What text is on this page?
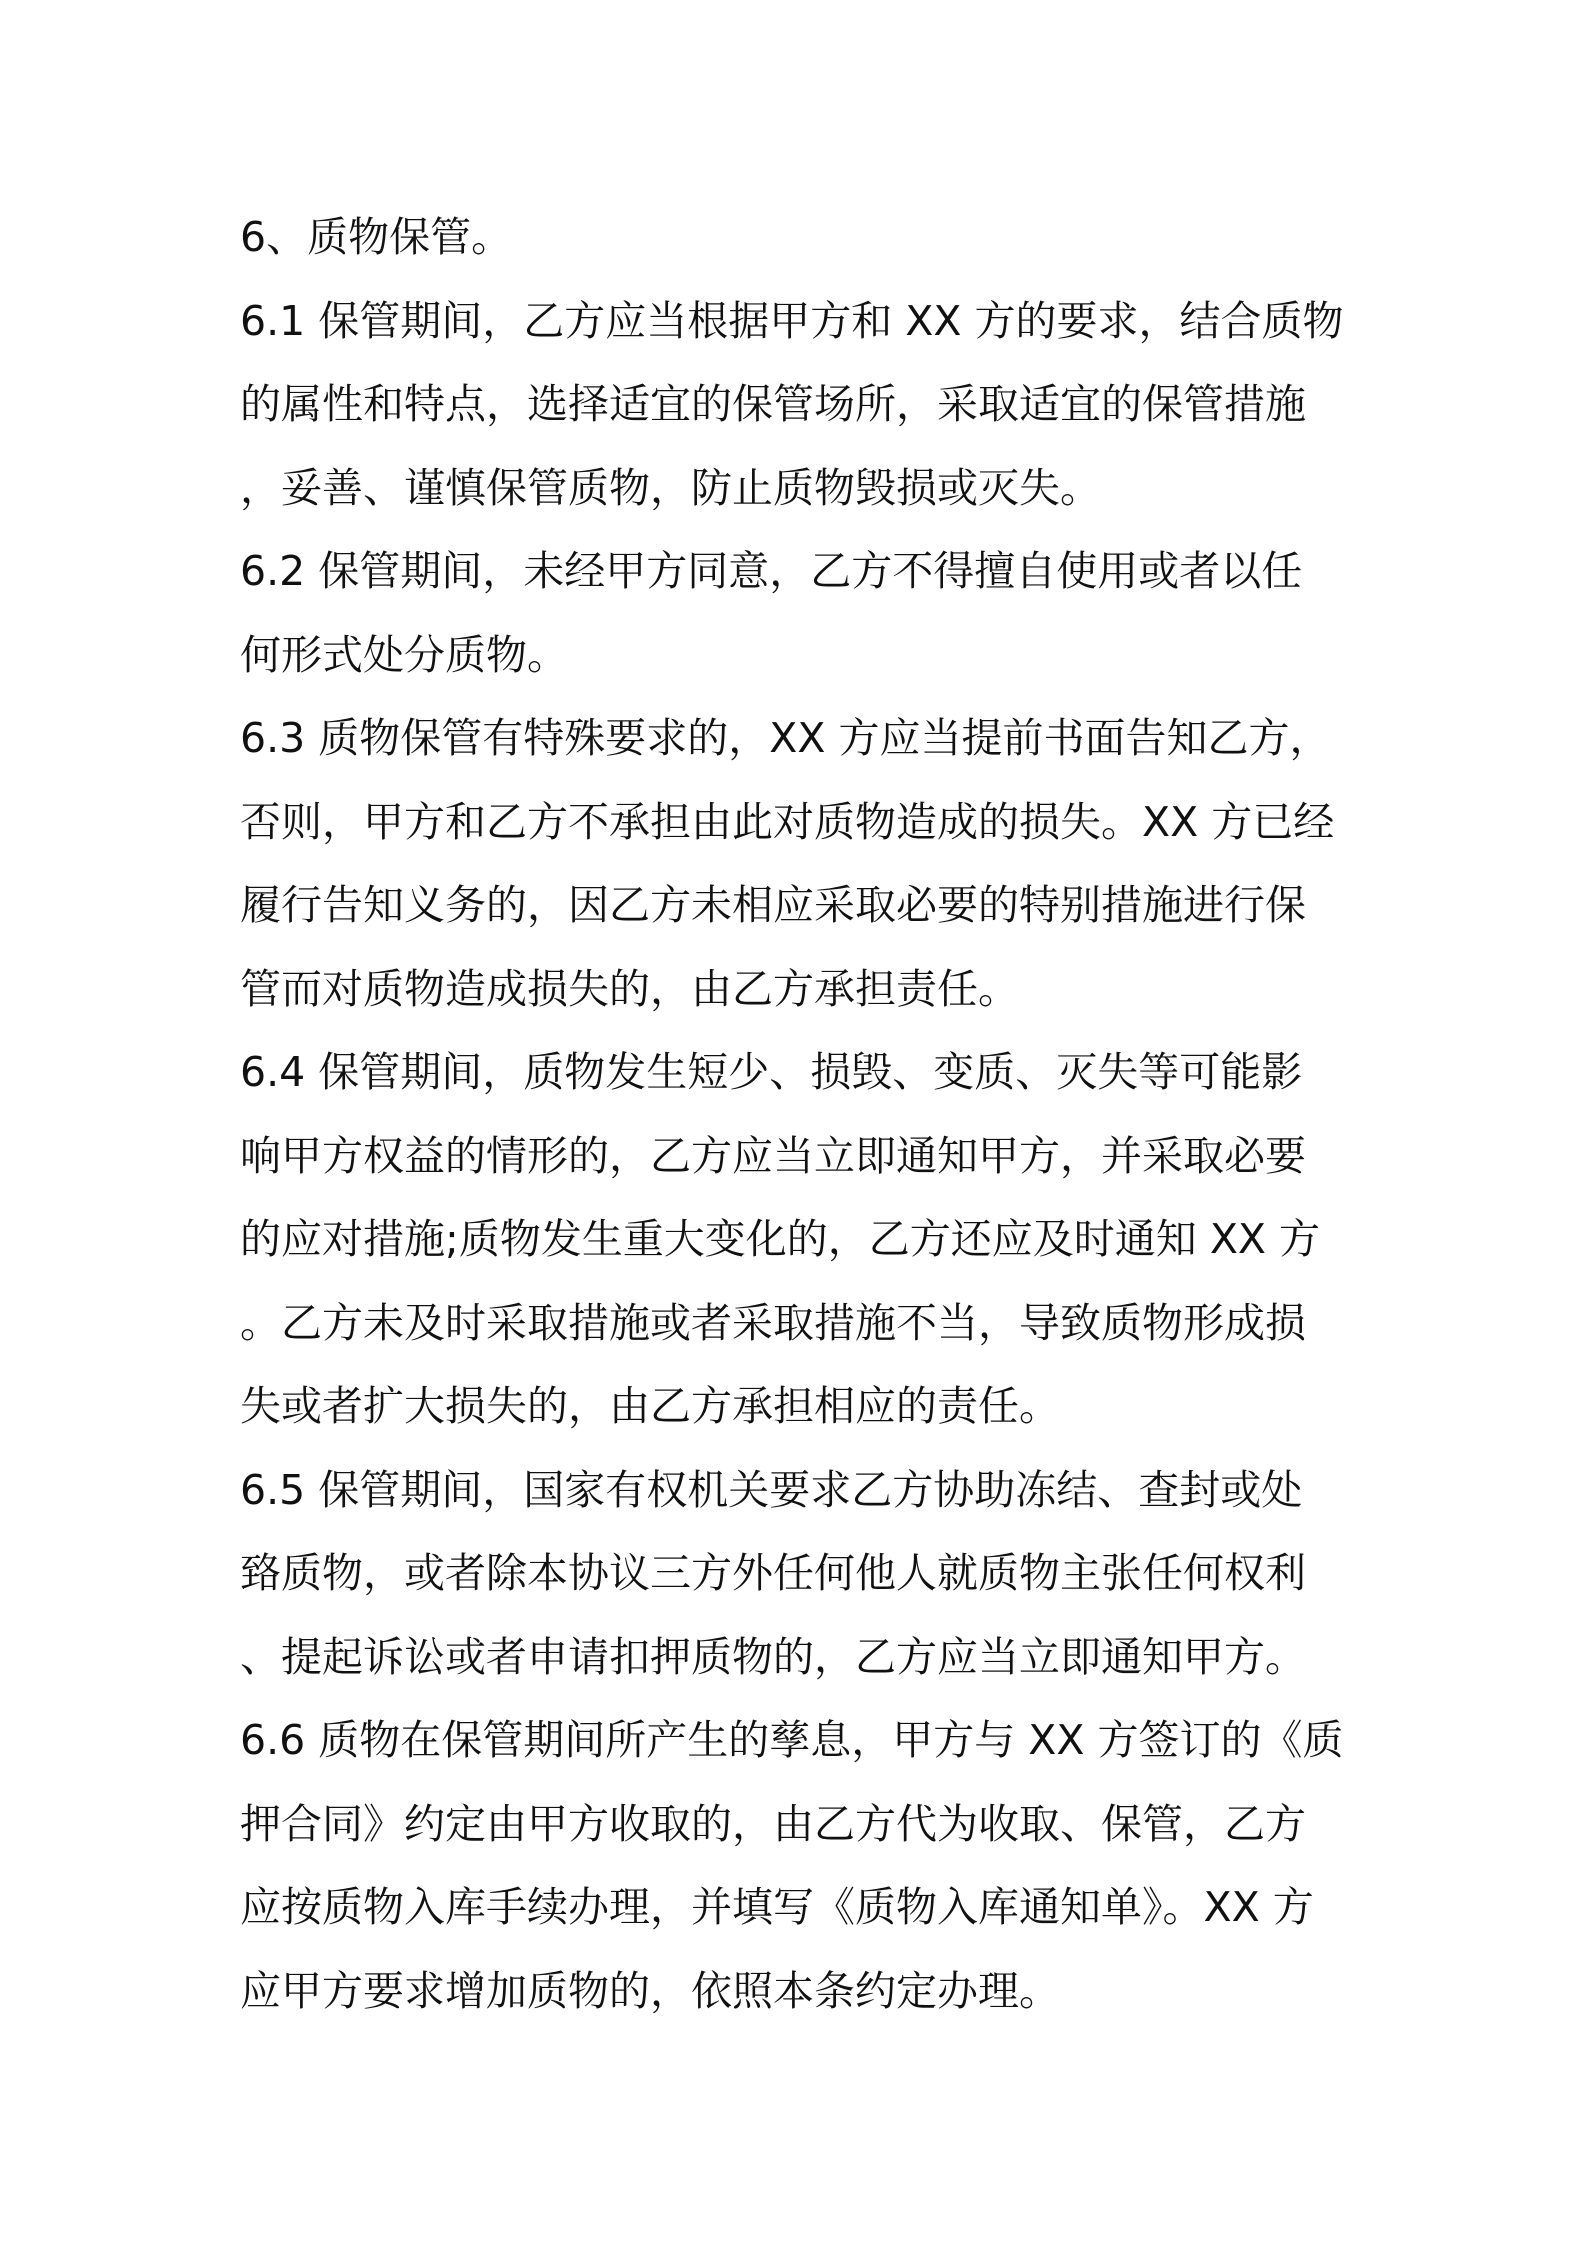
6、质物保管。
6.1 保管期间，乙方应当根据甲方和 XX 方的要求，结合质物
的属性和特点，选择适宜的保管场所，采取适宜的保管措施
，妥善、谨慎保管质物，防止质物毁损或灭失。
6.2 保管期间，未经甲方同意，乙方不得擅自使用或者以任
何形式处分质物。
6.3 质物保管有特殊要求的，XX 方应当提前书面告知乙方，
否则，甲方和乙方不承担由此对质物造成的损失。XX 方已经
履行告知义务的，因乙方未相应采取必要的特别措施进行保
管而对质物造成损失的，由乙方承担责任。
6.4 保管期间，质物发生短少、损毁、变质、灭失等可能影
响甲方权益的情形的，乙方应当立即通知甲方，并采取必要
的应对措施;质物发生重大变化的，乙方还应及时通知 XX 方
。乙方未及时采取措施或者采取措施不当，导致质物形成损
失或者扩大损失的，由乙方承担相应的责任。
6.5 保管期间，国家有权机关要求乙方协助冻结、查封或处
臵质物，或者除本协议三方外任何他人就质物主张任何权利
、提起诉讼或者申请扣押质物的，乙方应当立即通知甲方。
6.6 质物在保管期间所产生的孳息，甲方与 XX 方签订的《质
押合同》约定由甲方收取的，由乙方代为收取、保管，乙方
应按质物入库手续办理，并填写《质物入库通知单》。XX 方
应甲方要求增加质物的，依照本条约定办理。
